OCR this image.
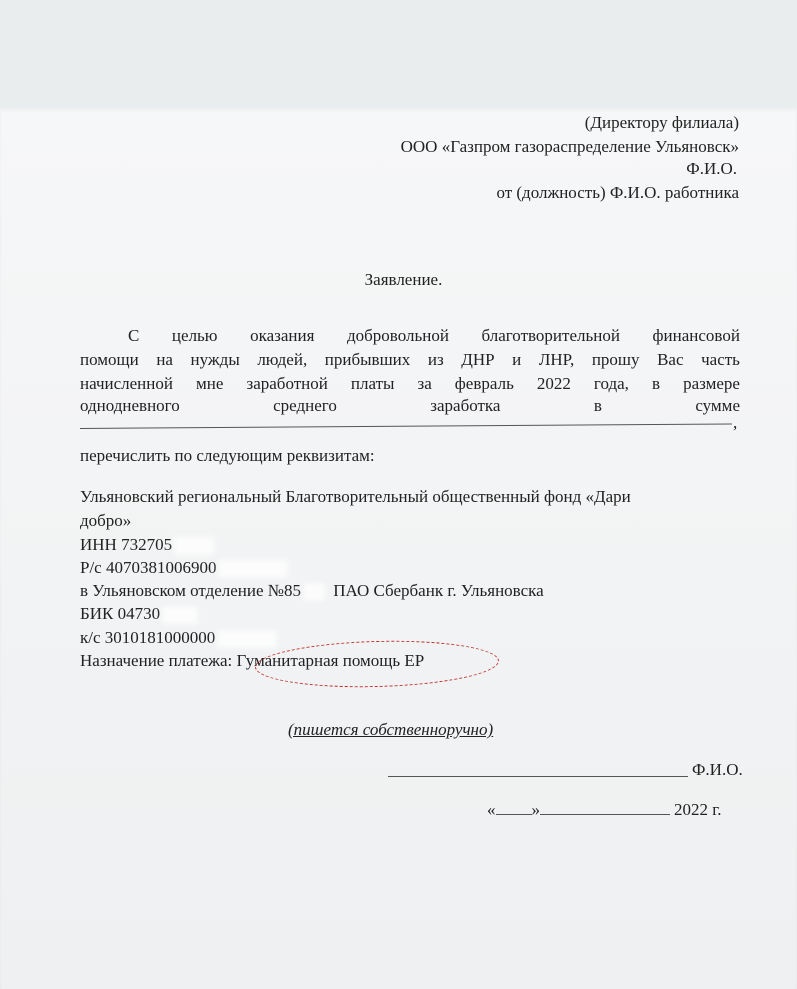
(Директору филиала)
ООО «Газпром газораспределение Ульяновск»
Ф.И.О.
от (должность) Ф.И.О. работника
Заявление.
С целью оказания добровольной благотворительной финансовой
помощи на нужды людей, прибывших из ДНР и ЛНР, прошу Вас часть
начисленной мне заработной платы за февраль 2022 года, в размере
однодневного	среднего	заработка	в	сумме
,
перечислить по следующим реквизитам:
Ульяновский региональный Благотворительный общественный фонд «Дари
добро»
ИНН 732705
Р/с 4070381006900
в Ульяновском отделение №85 ПАО Сбербанк г. Ульяновска
БИК 04730
к/с 3010181000000
Назначение платежа: Гуманитарная помощь ЕР
(пишется собственноручно)
Ф.И.О.
« »	2022 г.
